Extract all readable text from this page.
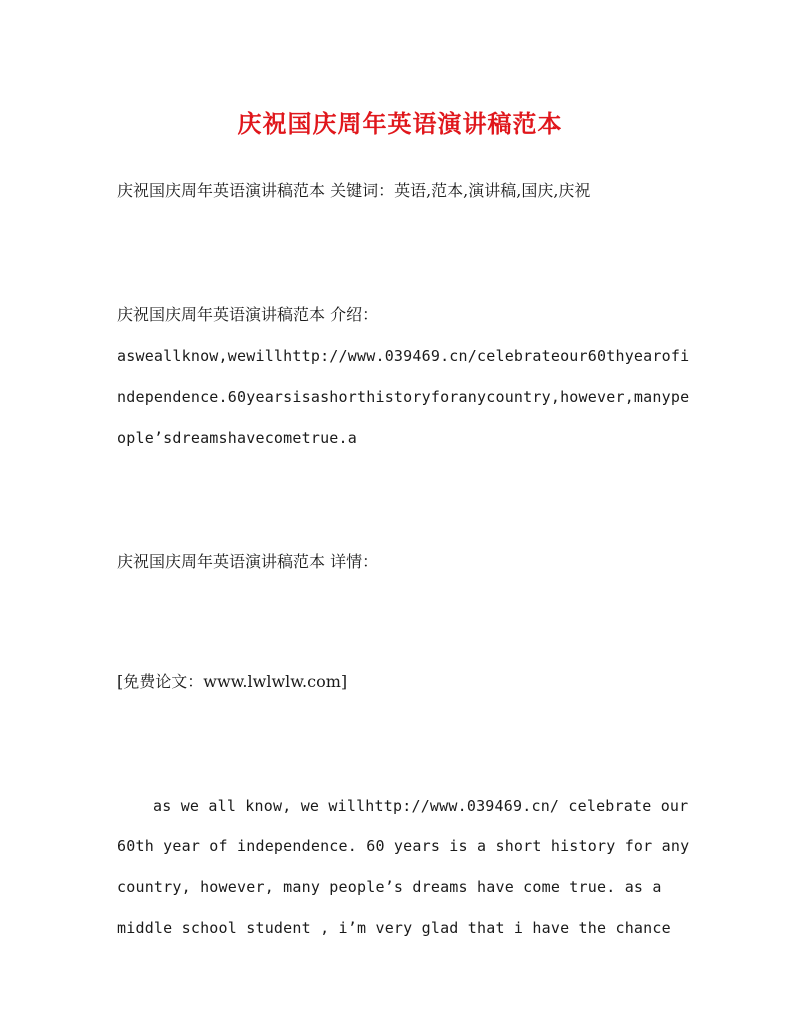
庆祝国庆周年英语演讲稿范本
庆祝国庆周年英语演讲稿范本 关键词：英语,范本,演讲稿,国庆,庆祝
庆祝国庆周年英语演讲稿范本 介绍：
asweallknow,wewillhttp://www.039469.cn/celebrateour60thyearofi
ndependence.60yearsisashorthistoryforanycountry,however,manype
ople’sdreamshavecometrue.a
庆祝国庆周年英语演讲稿范本 详情：
[免费论文：www.lwlwlw.com]
as we all know, we willhttp://www.039469.cn/ celebrate our
60th year of independence. 60 years is a short history for any
country, however, many people’s dreams have come true. as a
middle school student , i’m very glad that i have the chance
